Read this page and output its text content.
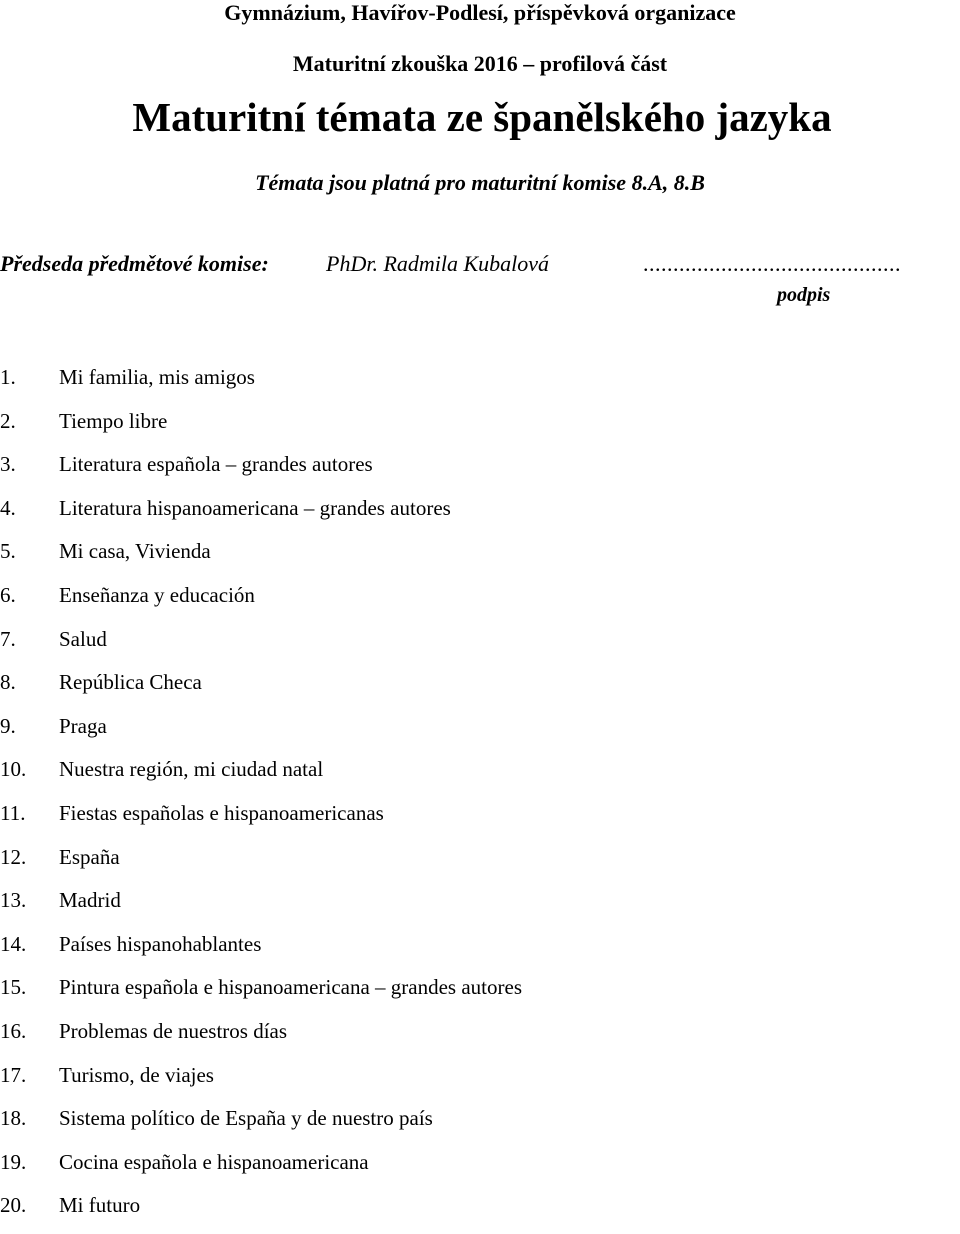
Gymnázium, Havířov-Podlesí, příspěvková organizace
Maturitní zkouška 2016 – profilová část
Maturitní témata ze španělského jazyka
Témata jsou platná pro maturitní komise 8.A, 8.B
Předseda předmětové komise:	PhDr. Radmila Kubalová	...........................................
podpis
1. Mi familia, mis amigos
2. Tiempo libre
3. Literatura española – grandes autores
4. Literatura hispanoamericana – grandes autores
5. Mi casa, Vivienda
6. Enseñanza y educación
7. Salud
8. República Checa
9. Praga
10. Nuestra región, mi ciudad natal
11. Fiestas españolas e hispanoamericanas
12. España
13. Madrid
14. Países hispanohablantes
15. Pintura española e hispanoamericana – grandes autores
16. Problemas de nuestros días
17. Turismo, de viajes
18. Sistema político de España y de nuestro país
19. Cocina española e hispanoamericana
20. Mi futuro
